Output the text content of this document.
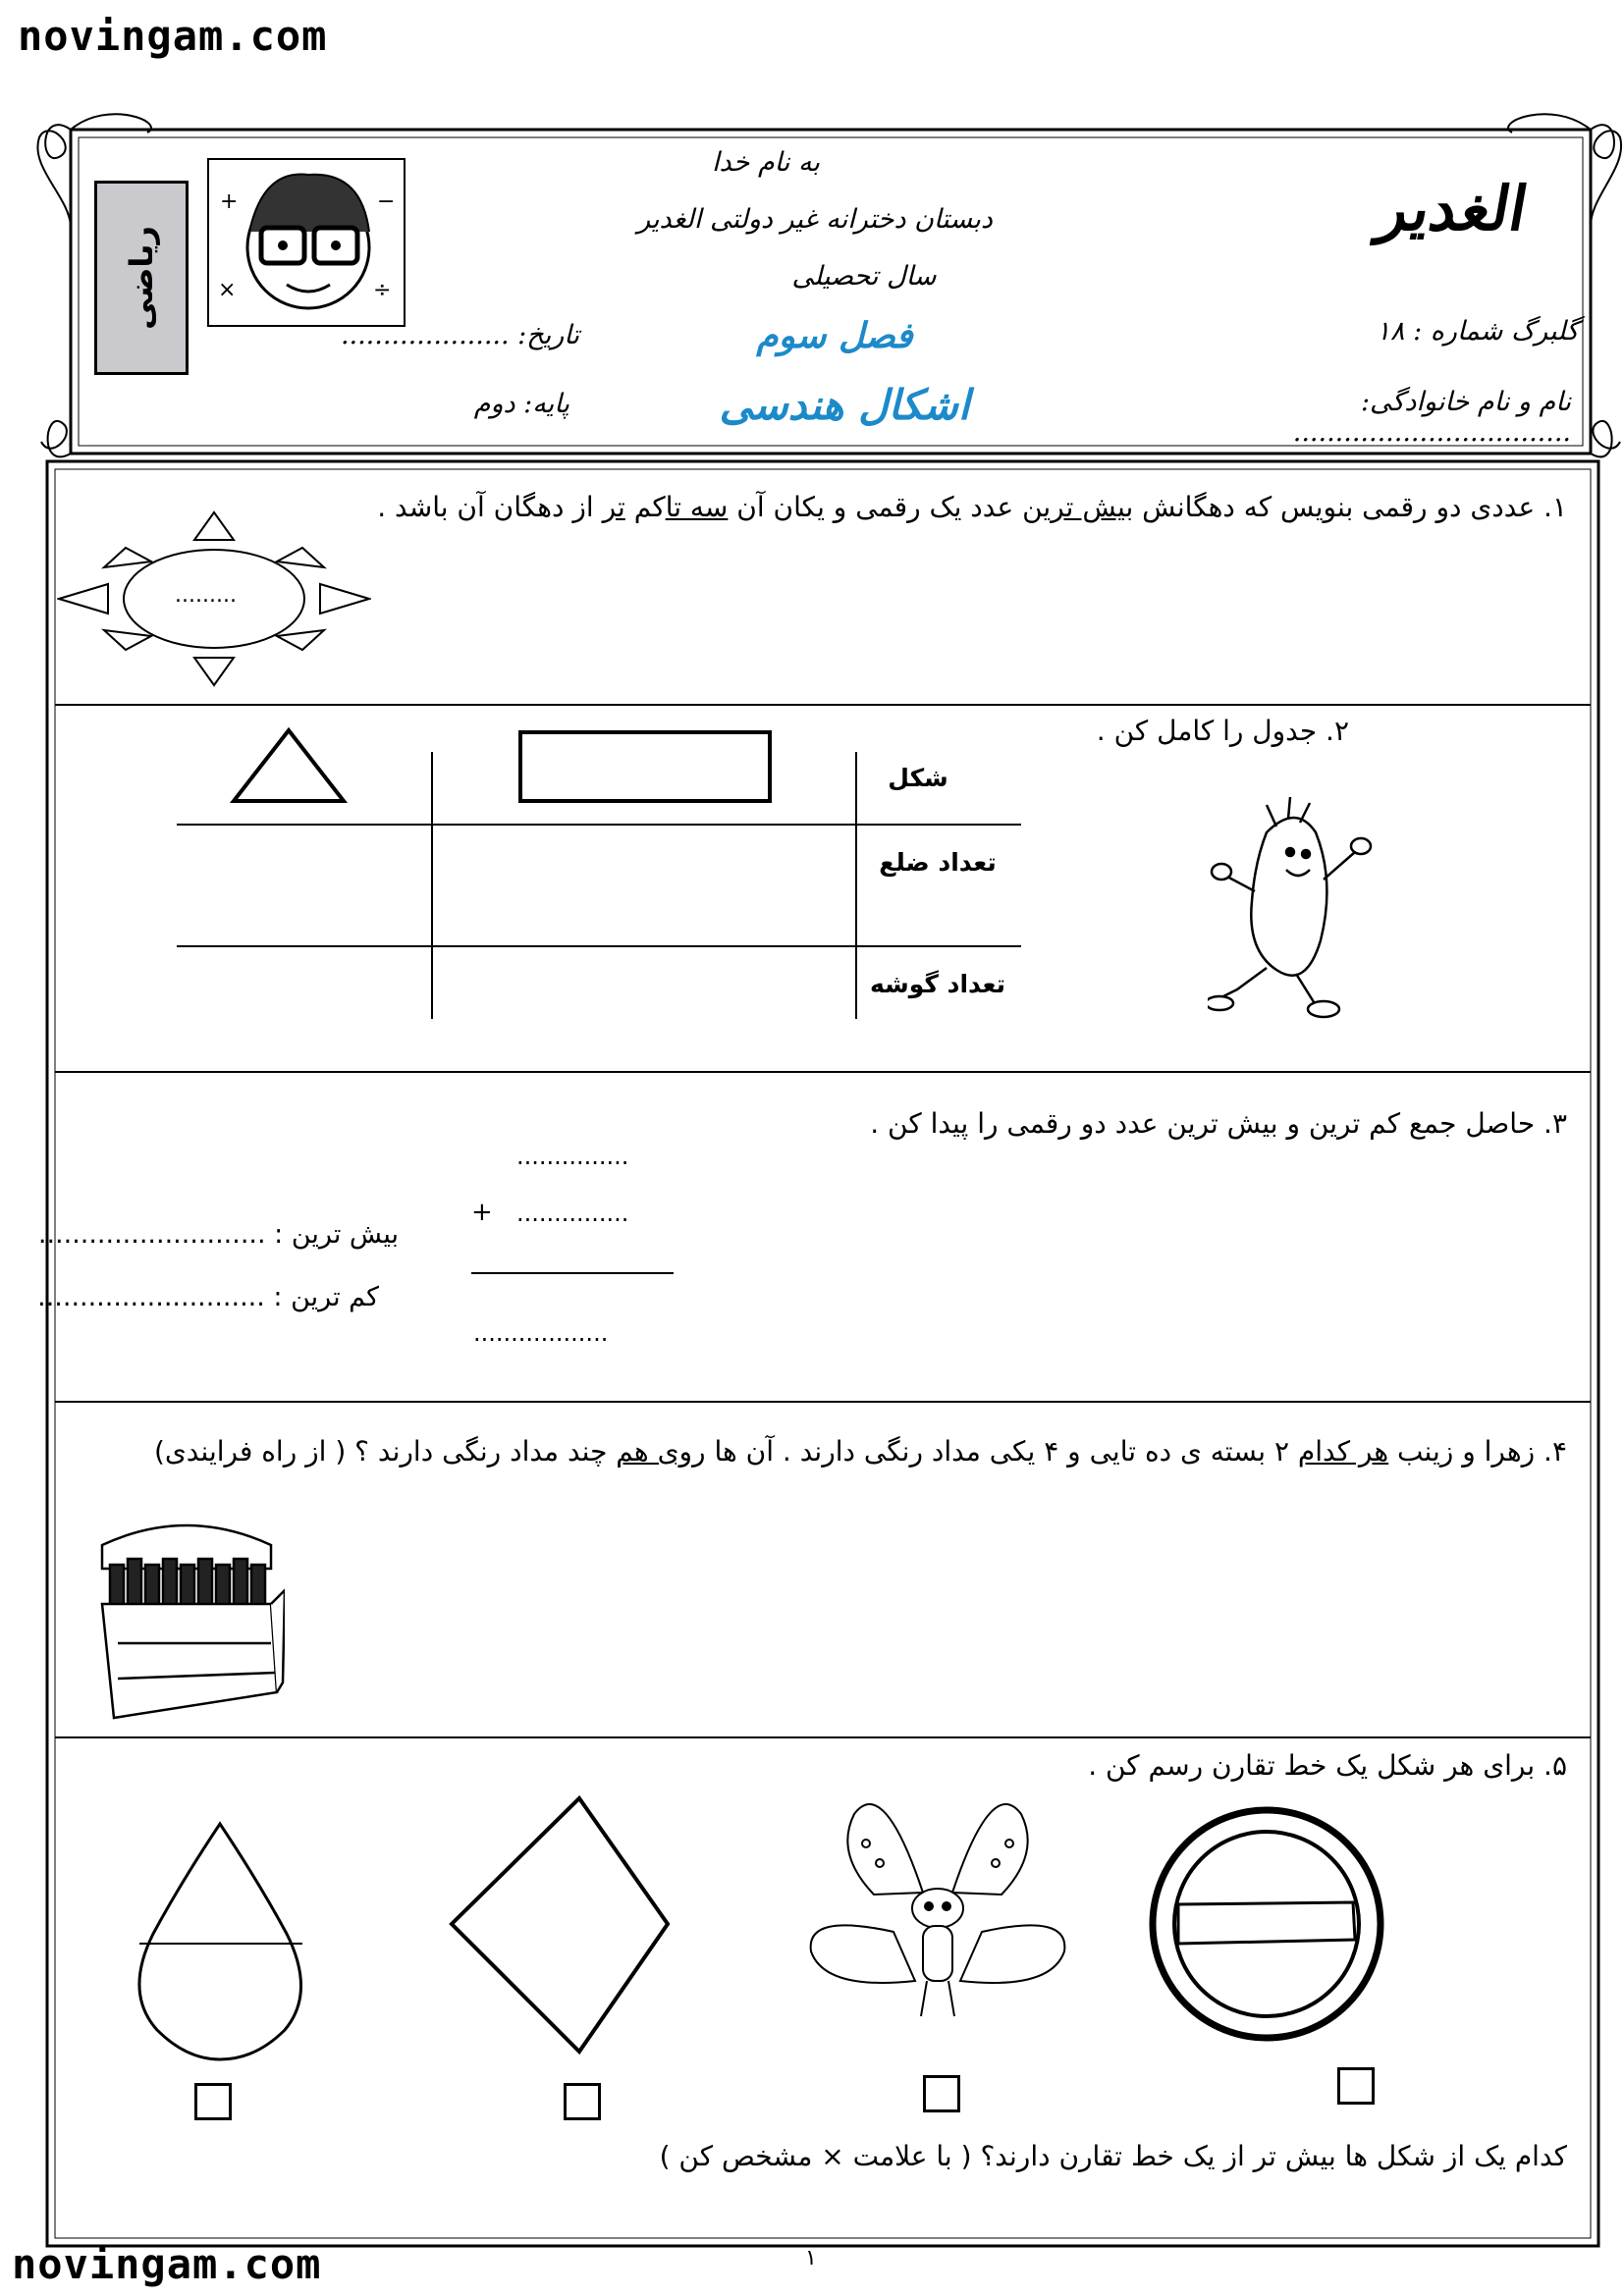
novingam.com
novingam.com
ریاضی
+
÷
×
−
به نام خدا
دبستان دخترانه غیر دولتی الغدیر
سال تحصیلی
فصل سوم
اشکال هندسی
گلبرگ شماره : ۱۸
نام و نام خانوادگی: .................................
تاریخ: ....................
پایه: دوم
الغدیر
۱. عددی دو رقمی بنویس که دهگانش بیش ترین عدد یک رقمی و یکان آن سه تاکم تر از دهگان آن باشد .
.........
۲. جدول را کامل کن .
شکل
تعداد ضلع
تعداد گوشه
۳. حاصل جمع کم ترین و بیش ترین عدد دو رقمی را پیدا کن .
...............
+ ...............
..................
بیش ترین : ...........................
کم ترین : ...........................
۴. زهرا و زینب هر کدام ۲ بسته ی ده تایی و ۴ یکی مداد رنگی دارند . آن ها روی هم چند مداد رنگی دارند ؟ ( از راه فرایندی)
۵. برای هر شکل یک خط تقارن رسم کن .
کدام یک از شکل ها بیش تر از یک خط تقارن دارند؟ ( با علامت × مشخص کن )
۱
